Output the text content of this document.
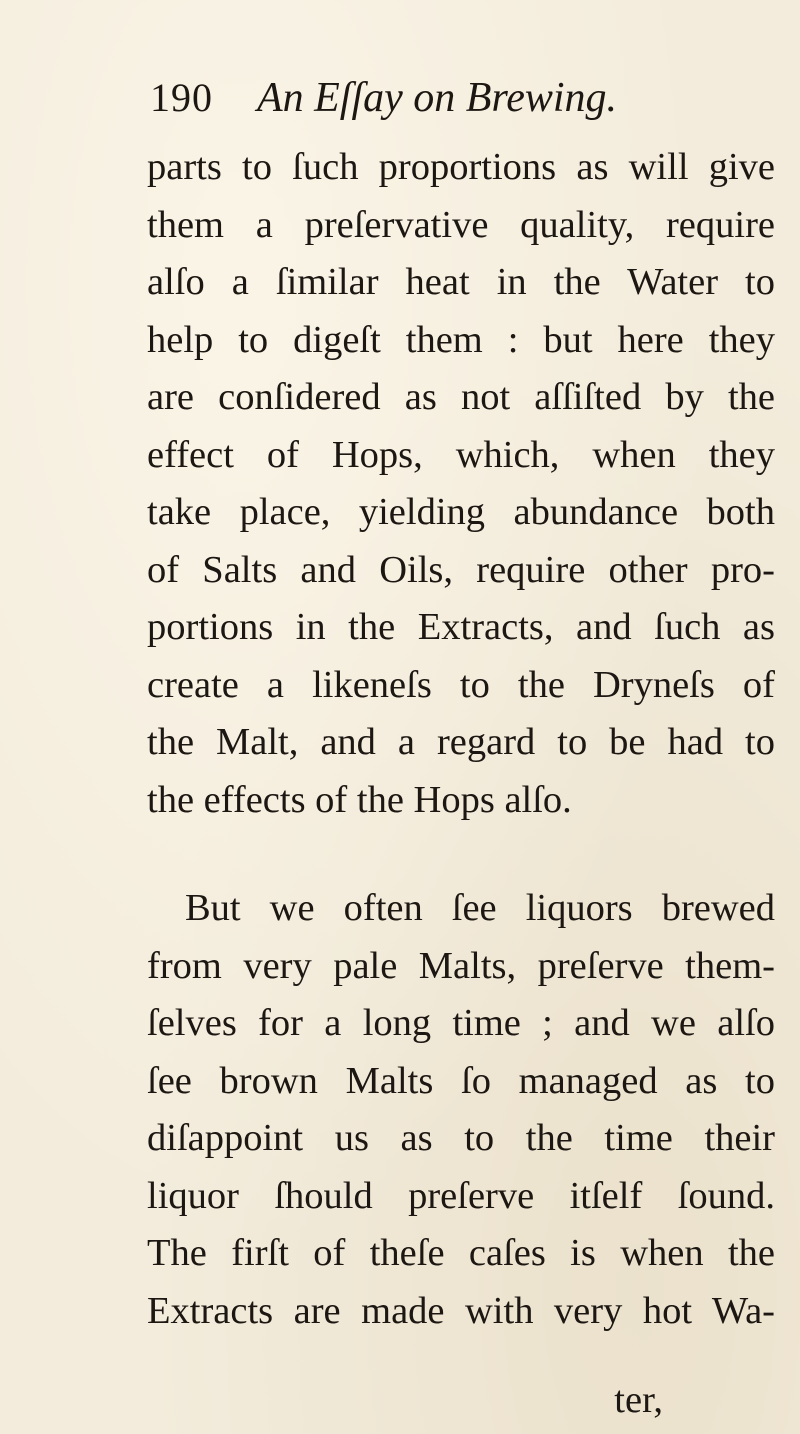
190 An Eſſay on Brewing.
parts to ſuch proportions as will give
them a preſervative quality, require
alſo a ſimilar heat in the Water to
help to digeſt them : but here they
are conſidered as not aſſiſted by the
effect of Hops, which, when they
take place, yielding abundance both
of Salts and Oils, require other pro-
portions in the Extracts, and ſuch as
create a likeneſs to the Dryneſs of
the Malt, and a regard to be had to
the effects of the Hops alſo.
But we often ſee liquors brewed
from very pale Malts, preſerve them-
ſelves for a long time ; and we alſo
ſee brown Malts ſo managed as to
diſappoint us as to the time their
liquor ſhould preſerve itſelf ſound.
The firſt of theſe caſes is when the
Extracts are made with very hot Wa-
ter,
